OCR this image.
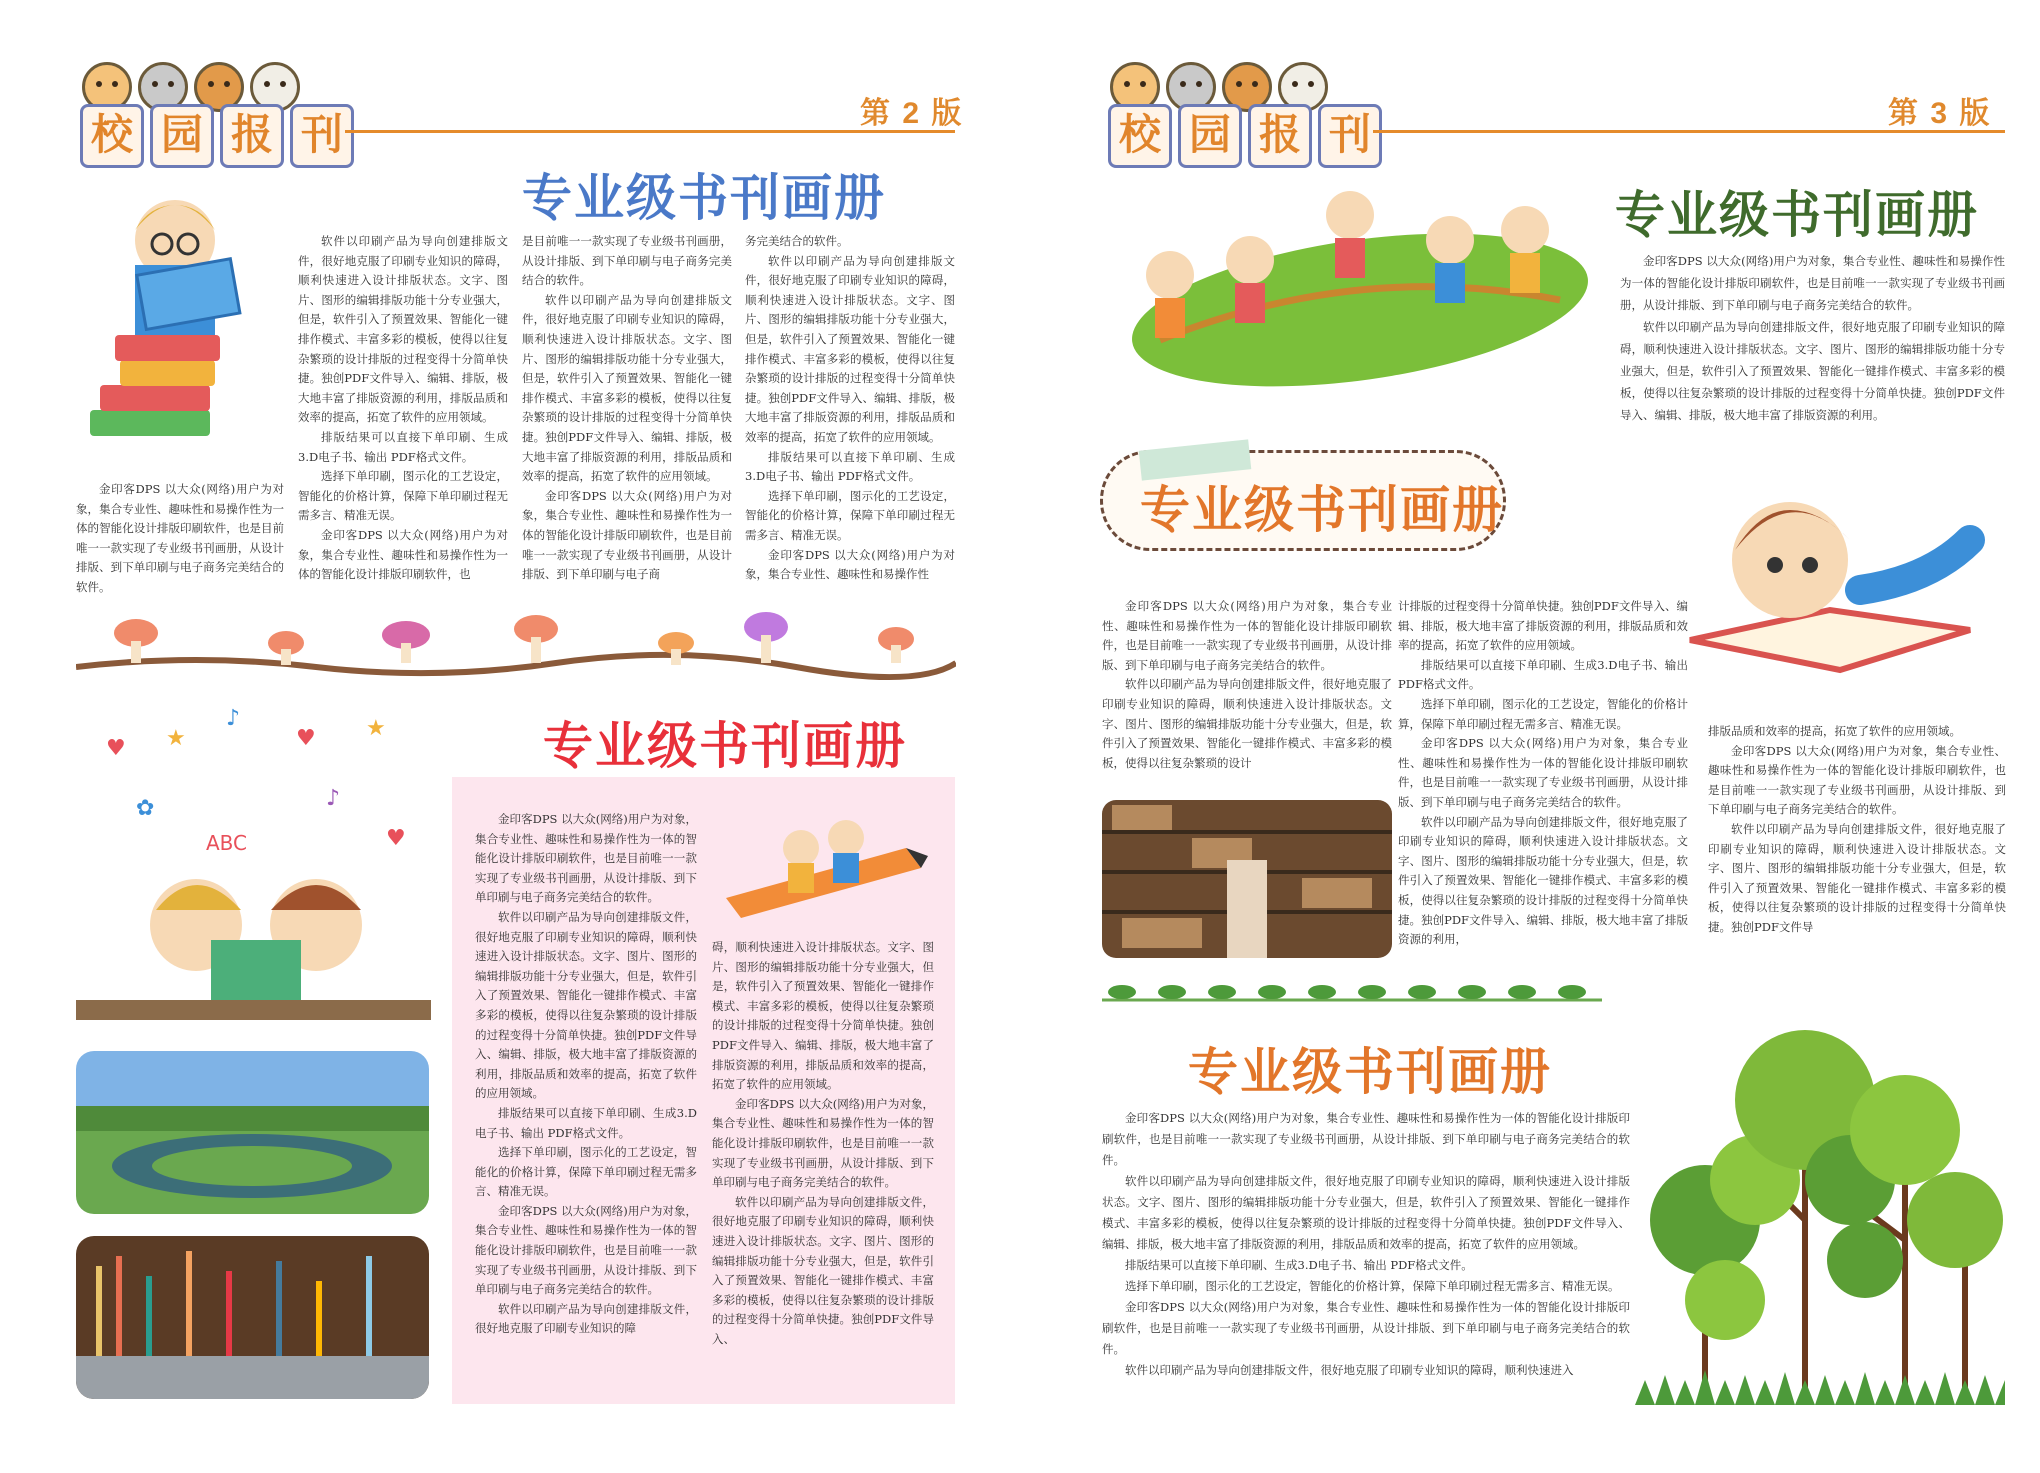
校 园 报 刊	第 2 版
专业级书刊画册

金印客DPS 以大众(网络)用户为对象，集合专业性、趣味性和易操作性为一体的智能化设计排版印刷软件，也是目前唯一一款实现了专业级书刊画册，从设计排版、到下单印刷与电子商务完美结合的软件。

软件以印刷产品为导向创建排版文件，很好地克服了印刷专业知识的障碍，顺利快速进入设计排版状态。文字、图片、图形的编辑排版功能十分专业强大，但是，软件引入了预置效果、智能化一键排作模式、丰富多彩的模板，使得以往复杂繁琐的设计排版的过程变得十分简单快捷。独创PDF文件导入、编辑、排版，极大地丰富了排版资源的利用，排版品质和效率的提高，拓宽了软件的应用领域。

排版结果可以直接下单印刷、生成3.D电子书、输出 PDF格式文件。

选择下单印刷，图示化的工艺设定，智能化的价格计算，保障下单印刷过程无需多言、精准无误。

金印客DPS 以大众(网络)用户为对象，集合专业性、趣味性和易操作性为一体的智能化设计排版印刷软件，也

是目前唯一一款实现了专业级书刊画册，从设计排版、到下单印刷与电子商务完美结合的软件。

软件以印刷产品为导向创建排版文件，很好地克服了印刷专业知识的障碍，顺利快速进入设计排版状态。文字、图片、图形的编辑排版功能十分专业强大，但是，软件引入了预置效果、智能化一键排作模式、丰富多彩的模板，使得以往复杂繁琐的设计排版的过程变得十分简单快捷。独创PDF文件导入、编辑、排版，极大地丰富了排版资源的利用，排版品质和效率的提高，拓宽了软件的应用领域。

金印客DPS 以大众(网络)用户为对象，集合专业性、趣味性和易操作性为一体的智能化设计排版印刷软件，也是目前唯一一款实现了专业级书刊画册，从设计排版、到下单印刷与电子商

务完美结合的软件。

软件以印刷产品为导向创建排版文件，很好地克服了印刷专业知识的障碍，顺利快速进入设计排版状态。文字、图片、图形的编辑排版功能十分专业强大，但是，软件引入了预置效果、智能化一键排作模式、丰富多彩的模板，使得以往复杂繁琐的设计排版的过程变得十分简单快捷。独创PDF文件导入、编辑、排版，极大地丰富了排版资源的利用，排版品质和效率的提高，拓宽了软件的应用领域。

排版结果可以直接下单印刷、生成3.D电子书、输出 PDF格式文件。

选择下单印刷，图示化的工艺设定，智能化的价格计算，保障下单印刷过程无需多言、精准无误。

金印客DPS 以大众(网络)用户为对象，集合专业性、趣味性和易操作性

专业级书刊画册
♥ ★
♪
♥ ★
✿	♪
♥
ABC

金印客DPS 以大众(网络)用户为对象，集合专业性、趣味性和易操作性为一体的智能化设计排版印刷软件，也是目前唯一一款实现了专业级书刊画册，从设计排版、到下单印刷与电子商务完美结合的软件。

软件以印刷产品为导向创建排版文件，很好地克服了印刷专业知识的障碍，顺利快速进入设计排版状态。文字、图片、图形的编辑排版功能十分专业强大，但是，软件引入了预置效果、智能化一键排作模式、丰富多彩的模板，使得以往复杂繁琐的设计排版的过程变得十分简单快捷。独创PDF文件导入、编辑、排版，极大地丰富了排版资源的利用，排版品质和效率的提高，拓宽了软件的应用领域。

排版结果可以直接下单印刷、生成3.D电子书、输出 PDF格式文件。

选择下单印刷，图示化的工艺设定，智能化的价格计算，保障下单印刷过程无需多言、精准无误。

金印客DPS 以大众(网络)用户为对象，集合专业性、趣味性和易操作性为一体的智能化设计排版印刷软件，也是目前唯一一款实现了专业级书刊画册，从设计排版、到下单印刷与电子商务完美结合的软件。

软件以印刷产品为导向创建排版文件，很好地克服了印刷专业知识的障

碍，顺利快速进入设计排版状态。文字、图片、图形的编辑排版功能十分专业强大，但是，软件引入了预置效果、智能化一键排作模式、丰富多彩的模板，使得以往复杂繁琐的设计排版的过程变得十分简单快捷。独创PDF文件导入、编辑、排版，极大地丰富了排版资源的利用，排版品质和效率的提高，拓宽了软件的应用领域。

金印客DPS 以大众(网络)用户为对象，集合专业性、趣味性和易操作性为一体的智能化设计排版印刷软件，也是目前唯一一款实现了专业级书刊画册，从设计排版、到下单印刷与电子商务完美结合的软件。

软件以印刷产品为导向创建排版文件，很好地克服了印刷专业知识的障碍，顺利快速进入设计排版状态。文字、图片、图形的编辑排版功能十分专业强大，但是，软件引入了预置效果、智能化一键排作模式、丰富多彩的模板，使得以往复杂繁琐的设计排版的过程变得十分简单快捷。独创PDF文件导入、

校 园 报 刊	第 3 版
专业级书刊画册

金印客DPS 以大众(网络)用户为对象，集合专业性、趣味性和易操作性为一体的智能化设计排版印刷软件，也是目前唯一一款实现了专业级书刊画册，从设计排版、到下单印刷与电子商务完美结合的软件。

软件以印刷产品为导向创建排版文件，很好地克服了印刷专业知识的障碍，顺利快速进入设计排版状态。文字、图片、图形的编辑排版功能十分专业强大，但是，软件引入了预置效果、智能化一键排作模式、丰富多彩的模板，使得以往复杂繁琐的设计排版的过程变得十分简单快捷。独创PDF文件导入、编辑、排版，极大地丰富了排版资源的利用。

专业级书刊画册

金印客DPS 以大众(网络)用户为对象，集合专业性、趣味性和易操作性为一体的智能化设计排版印刷软件，也是目前唯一一款实现了专业级书刊画册，从设计排版、到下单印刷与电子商务完美结合的软件。

软件以印刷产品为导向创建排版文件，很好地克服了印刷专业知识的障碍，顺利快速进入设计排版状态。文字、图片、图形的编辑排版功能十分专业强大，但是，软件引入了预置效果、智能化一键排作模式、丰富多彩的模板，使得以往复杂繁琐的设计

计排版的过程变得十分简单快捷。独创PDF文件导入、编辑、排版，极大地丰富了排版资源的利用，排版品质和效率的提高，拓宽了软件的应用领域。

排版结果可以直接下单印刷、生成3.D电子书、输出 PDF格式文件。

选择下单印刷，图示化的工艺设定，智能化的价格计算，保障下单印刷过程无需多言、精准无误。

金印客DPS 以大众(网络)用户为对象，集合专业性、趣味性和易操作性为一体的智能化设计排版印刷软件，也是目前唯一一款实现了专业级书刊画册，从设计排版、到下单印刷与电子商务完美结合的软件。

软件以印刷产品为导向创建排版文件，很好地克服了印刷专业知识的障碍，顺利快速进入设计排版状态。文字、图片、图形的编辑排版功能十分专业强大，但是，软件引入了预置效果、智能化一键排作模式、丰富多彩的模板，使得以往复杂繁琐的设计排版的过程变得十分简单快捷。独创PDF文件导入、编辑、排版，极大地丰富了排版资源的利用，

排版品质和效率的提高，拓宽了软件的应用领域。

金印客DPS 以大众(网络)用户为对象，集合专业性、趣味性和易操作性为一体的智能化设计排版印刷软件，也是目前唯一一款实现了专业级书刊画册，从设计排版、到下单印刷与电子商务完美结合的软件。

软件以印刷产品为导向创建排版文件，很好地克服了印刷专业知识的障碍，顺利快速进入设计排版状态。文字、图片、图形的编辑排版功能十分专业强大，但是，软件引入了预置效果、智能化一键排作模式、丰富多彩的模板，使得以往复杂繁琐的设计排版的过程变得十分简单快捷。独创PDF文件导

专业级书刊画册

金印客DPS 以大众(网络)用户为对象，集合专业性、趣味性和易操作性为一体的智能化设计排版印刷软件，也是目前唯一一款实现了专业级书刊画册，从设计排版、到下单印刷与电子商务完美结合的软件。

软件以印刷产品为导向创建排版文件，很好地克服了印刷专业知识的障碍，顺利快速进入设计排版状态。文字、图片、图形的编辑排版功能十分专业强大，但是，软件引入了预置效果、智能化一键排作模式、丰富多彩的模板，使得以往复杂繁琐的设计排版的过程变得十分简单快捷。独创PDF文件导入、编辑、排版，极大地丰富了排版资源的利用，排版品质和效率的提高，拓宽了软件的应用领域。

排版结果可以直接下单印刷、生成3.D电子书、输出 PDF格式文件。

选择下单印刷，图示化的工艺设定，智能化的价格计算，保障下单印刷过程无需多言、精准无误。

金印客DPS 以大众(网络)用户为对象，集合专业性、趣味性和易操作性为一体的智能化设计排版印刷软件，也是目前唯一一款实现了专业级书刊画册，从设计排版、到下单印刷与电子商务完美结合的软件。

软件以印刷产品为导向创建排版文件，很好地克服了印刷专业知识的障碍，顺利快速进入
